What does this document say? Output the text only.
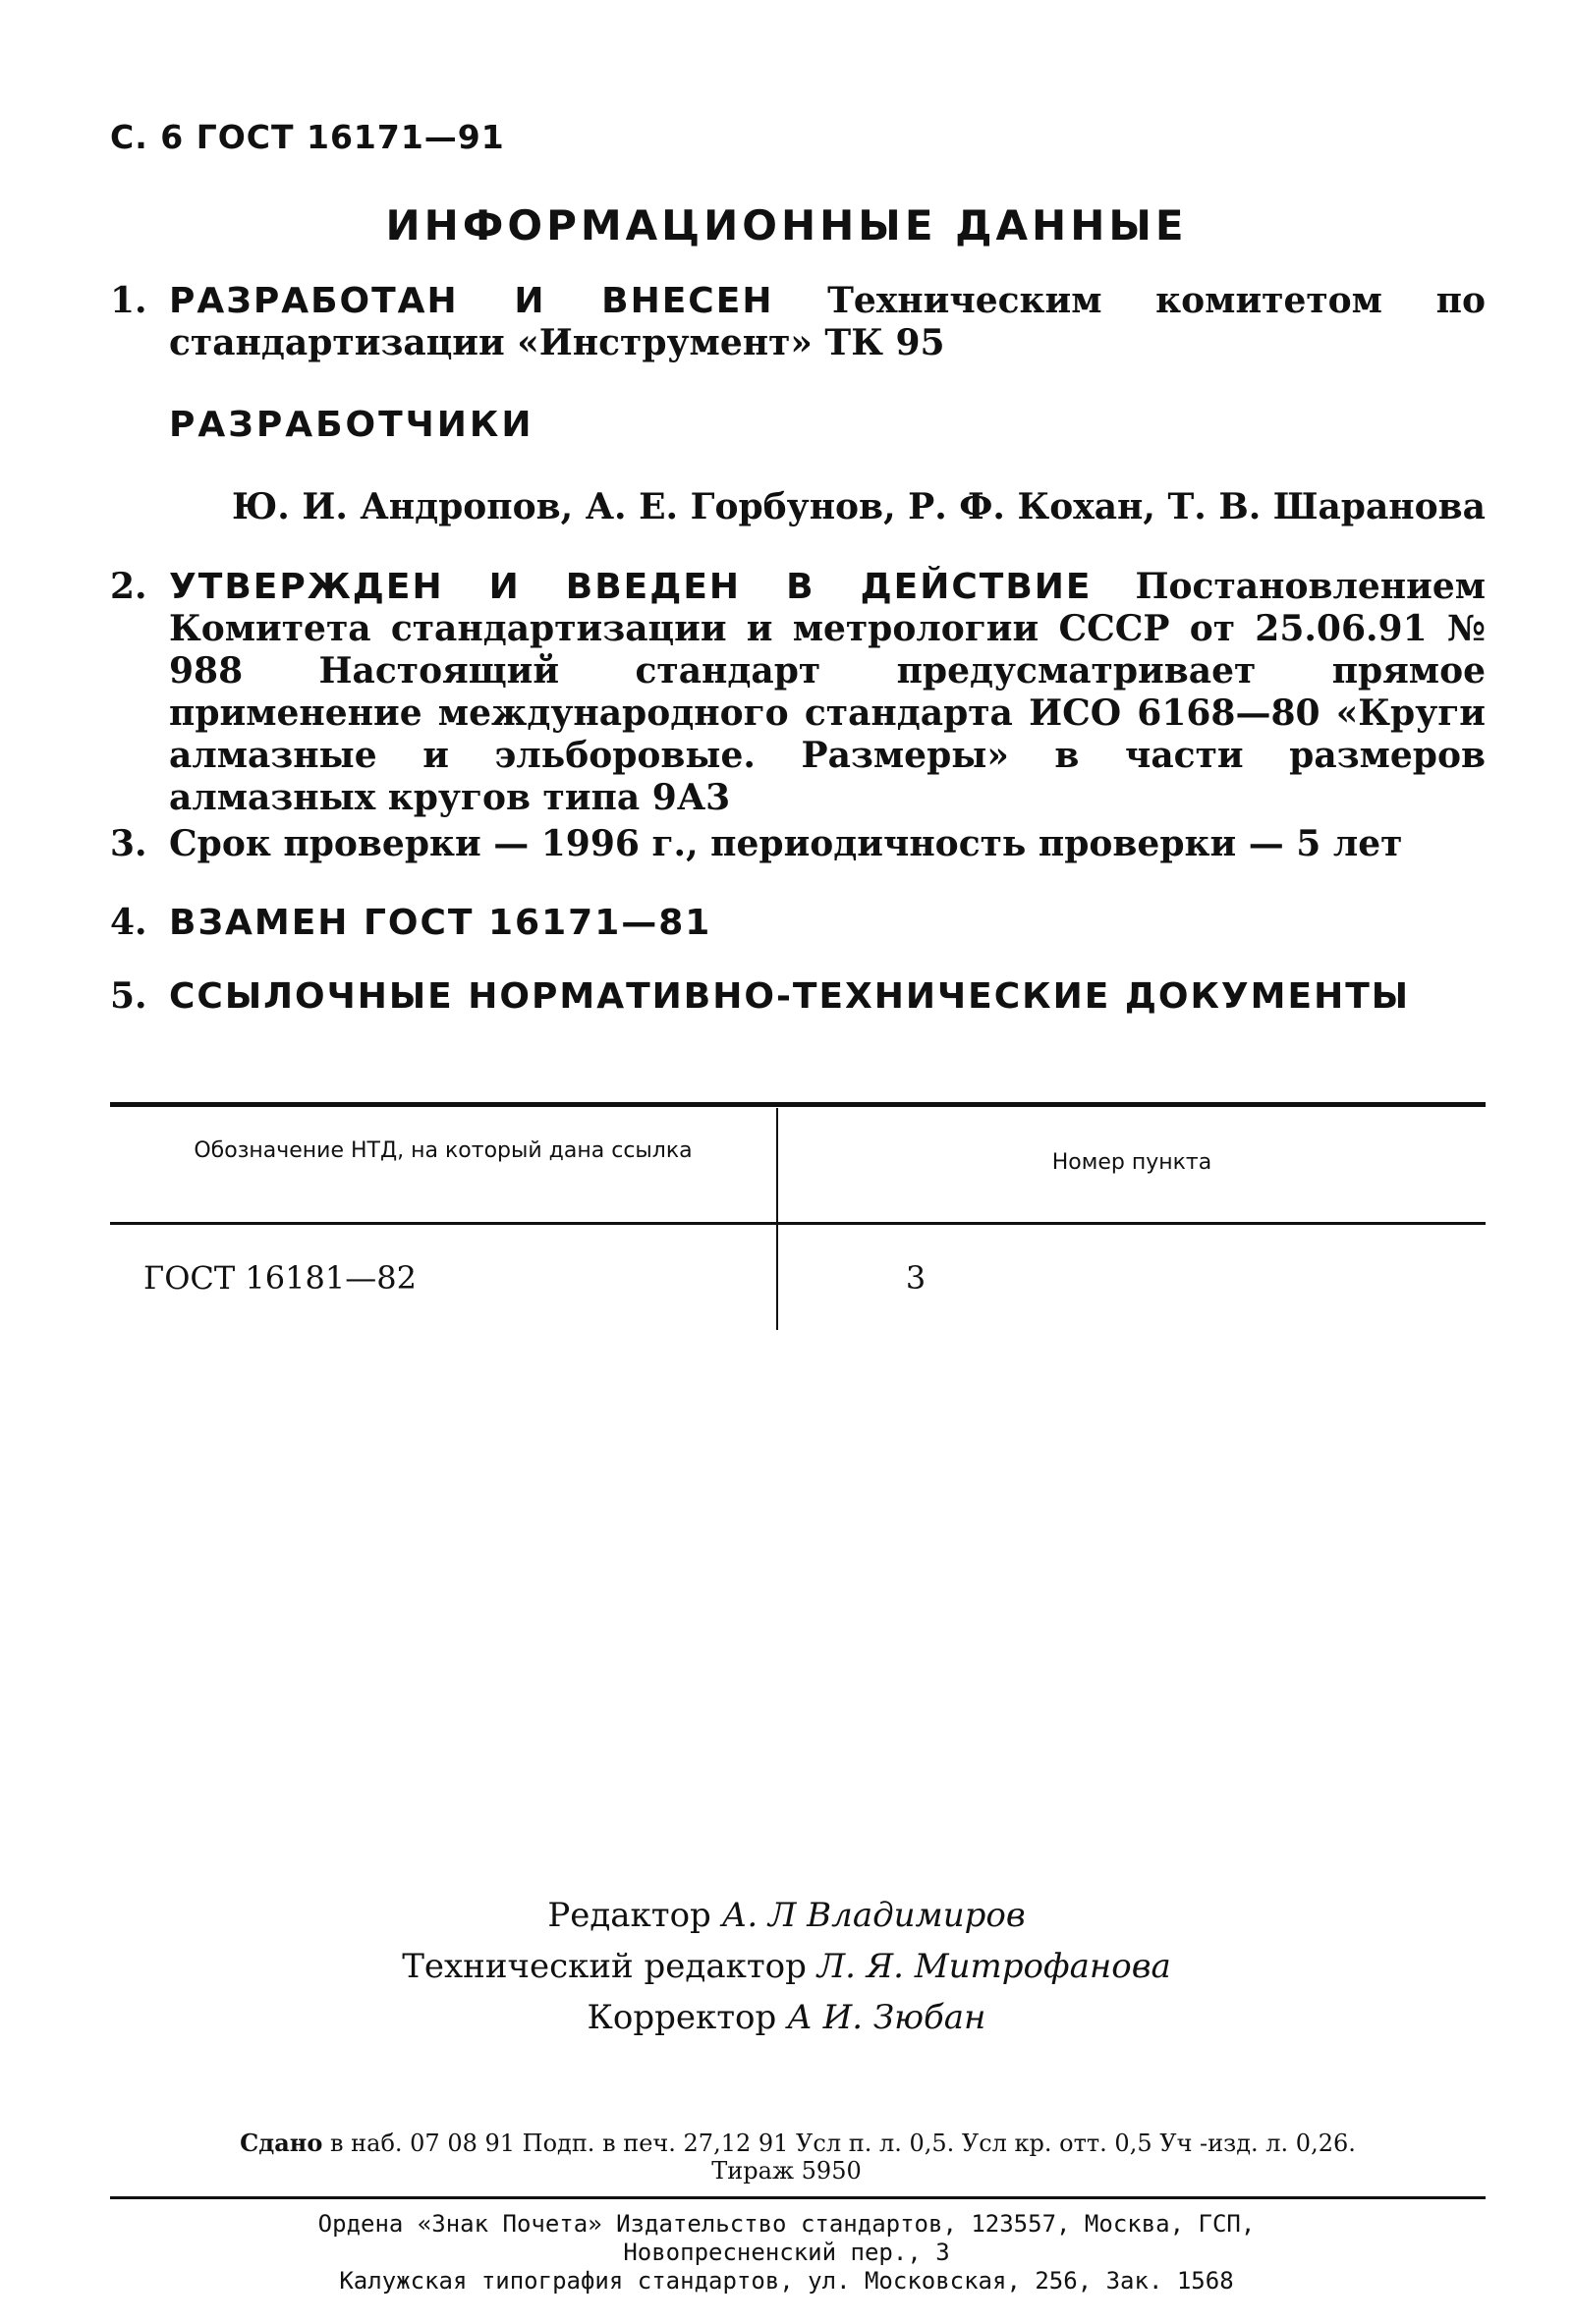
С. 6 ГОСТ 16171—91
ИНФОРМАЦИОННЫЕ ДАННЫЕ
1. РАЗРАБОТАН И ВНЕСЕН Техническим комитетом по стандартизации «Инструмент» ТК 95
РАЗРАБОТЧИКИ
Ю. И. Андропов, А. Е. Горбунов, Р. Ф. Кохан, Т. В. Шаранова
2. УТВЕРЖДЕН И ВВЕДЕН В ДЕЙСТВИЕ Постановлением Комитета стандартизации и метрологии СССР от 25.06.91 № 988 Настоящий стандарт предусматривает прямое применение международного стандарта ИСО 6168—80 «Круги алмазные и эльборовые. Размеры» в части размеров алмазных кругов типа 9А3
3. Срок проверки — 1996 г., периодичность проверки — 5 лет
4. ВЗАМЕН ГОСТ 16171—81
5. ССЫЛОЧНЫЕ НОРМАТИВНО-ТЕХНИЧЕСКИЕ ДОКУМЕНТЫ
Обозначение НТД, на который дана ссылка	Номер пункта
ГОСТ 16181—82	3
Редактор А. Л Владимиров
Технический редактор Л. Я. Митрофанова
Корректор А И. Зюбан
Сдано в наб. 07 08 91 Подп. в печ. 27,12 91 Усл п. л. 0,5. Усл кр. отт. 0,5 Уч -изд. л. 0,26.
Тираж 5950
Ордена «Знак Почета» Издательство стандартов, 123557, Москва, ГСП,
Новопресненский пер., 3
Калужская типография стандартов, ул. Московская, 256, Зак. 1568
